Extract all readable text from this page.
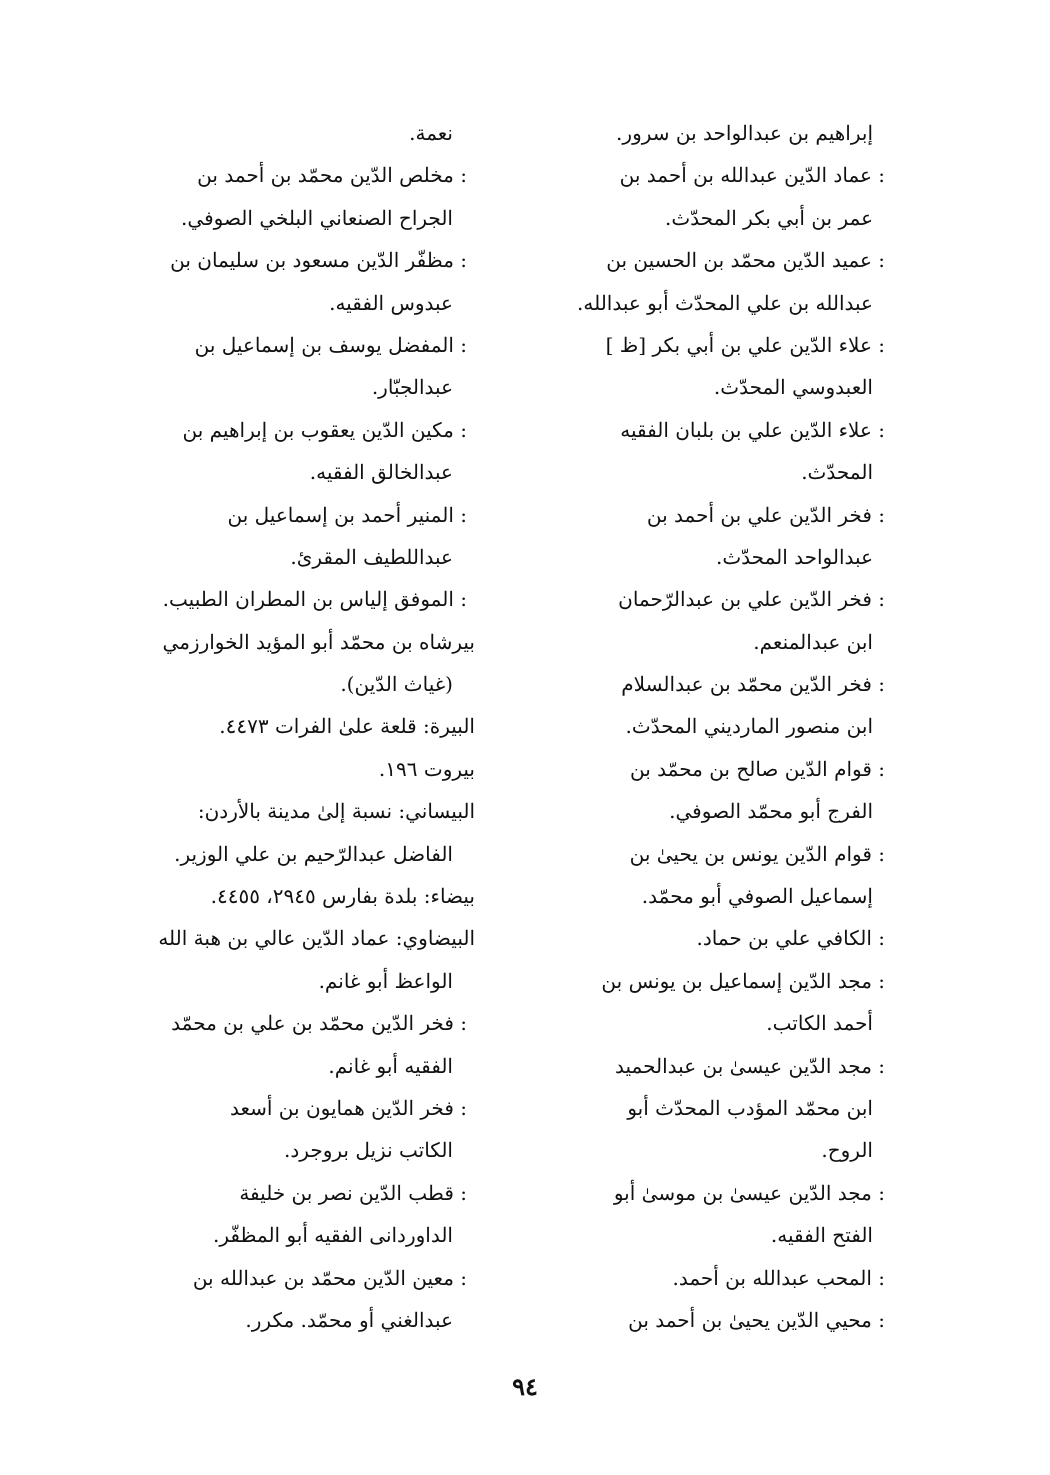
إبراهيم بن عبدالواحد بن سرور.
: عماد الدّين عبدالله بن أحمد بن
عمر بن أبي بكر المحدّث.
: عميد الدّين محمّد بن الحسين بن
عبدالله بن علي المحدّث أبو عبدالله.
: علاء الدّين علي بن أبي بكر [ظ ]
العبدوسي المحدّث.
: علاء الدّين علي بن بلبان الفقيه
المحدّث.
: فخر الدّين علي بن أحمد بن
عبدالواحد المحدّث.
: فخر الدّين علي بن عبدالرّحمان
ابن عبدالمنعم.
: فخر الدّين محمّد بن عبدالسلام
ابن منصور الماردیني المحدّث.
: قوام الدّين صالح بن محمّد بن
الفرج أبو محمّد الصوفي.
: قوام الدّين يونس بن يحيىٰ بن
إسماعيل الصوفي أبو محمّد.
: الكافي علي بن حماد.
: مجد الدّين إسماعيل بن يونس بن
أحمد الكاتب.
: مجد الدّين عيسىٰ بن عبدالحميد
ابن محمّد المؤدب المحدّث أبو
الروح.
: مجد الدّين عيسىٰ بن موسىٰ أبو
الفتح الفقيه.
: المحب عبدالله بن أحمد.
: محيي الدّين يحيىٰ بن أحمد بن
نعمة.
: مخلص الدّين محمّد بن أحمد بن
الجراح الصنعاني البلخي الصوفي.
: مظفّر الدّين مسعود بن سليمان بن
عبدوس الفقيه.
: المفضل يوسف بن إسماعيل بن
عبدالجبّار.
: مكين الدّين يعقوب بن إبراهيم بن
عبدالخالق الفقيه.
: المنير أحمد بن إسماعيل بن
عبداللطيف المقرئ.
: الموفق إلياس بن المطران الطبيب.
بيرشاه بن محمّد أبو المؤيد الخوارزمي
(غياث الدّين).
البيرة: قلعة علىٰ الفرات ٤٤٧٣.
بيروت ١٩٦.
البيساني: نسبة إلىٰ مدينة بالأردن:
الفاضل عبدالرّحيم بن علي الوزير.
بيضاء: بلدة بفارس ٢٩٤٥، ٤٤٥٥.
البيضاوي: عماد الدّين عالي بن هبة الله
الواعظ أبو غانم.
: فخر الدّين محمّد بن علي بن محمّد
الفقيه أبو غانم.
: فخر الدّين همايون بن أسعد
الكاتب نزيل بروجرد.
: قطب الدّين نصر بن خليفة
الداوردانى الفقيه أبو المظفّر.
: معين الدّين محمّد بن عبدالله بن
عبدالغني أو محمّد. مكرر.
٩٤
